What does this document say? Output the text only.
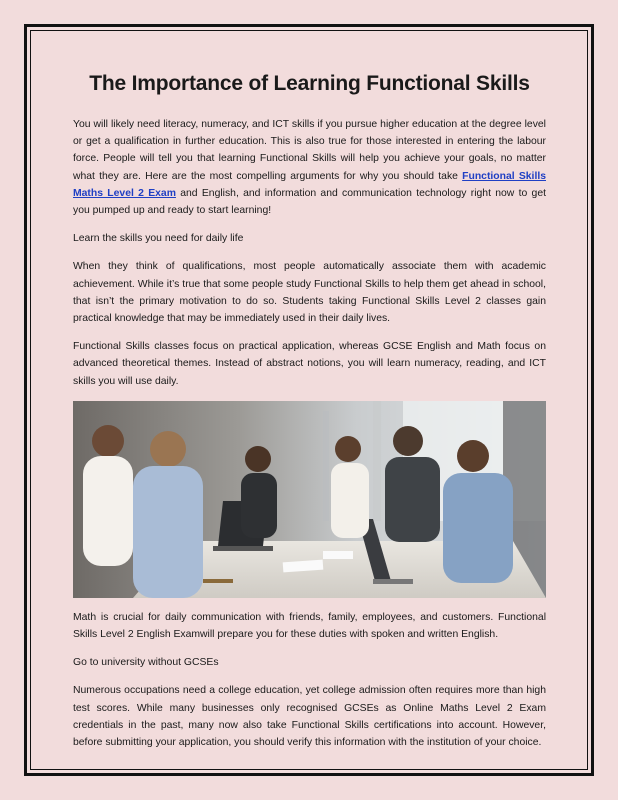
The Importance of Learning Functional Skills

You will likely need literacy, numeracy, and ICT skills if you pursue higher education at the degree level or get a qualification in further education. This is also true for those interested in entering the labour force. People will tell you that learning Functional Skills will help you achieve your goals, no matter what they are. Here are the most compelling arguments for why you should take Functional Skills Maths Level 2 Exam and English, and information and communication technology right now to get you pumped up and ready to start learning!

Learn the skills you need for daily life

When they think of qualifications, most people automatically associate them with academic achievement. While it’s true that some people study Functional Skills to help them get ahead in school, that isn’t the primary motivation to do so. Students taking Functional Skills Level 2 classes gain practical knowledge that may be immediately used in their daily lives.

Functional Skills classes focus on practical application, whereas GCSE English and Math focus on advanced theoretical themes. Instead of abstract notions, you will learn numeracy, reading, and ICT skills you will use daily.

Math is crucial for daily communication with friends, family, employees, and customers. Functional Skills Level 2 English Examwill prepare you for these duties with spoken and written English.

Go to university without GCSEs

Numerous occupations need a college education, yet college admission often requires more than high test scores. While many businesses only recognised GCSEs as Online Maths Level 2 Exam credentials in the past, many now also take Functional Skills certifications into account. However, before submitting your application, you should verify this information with the institution of your choice.
